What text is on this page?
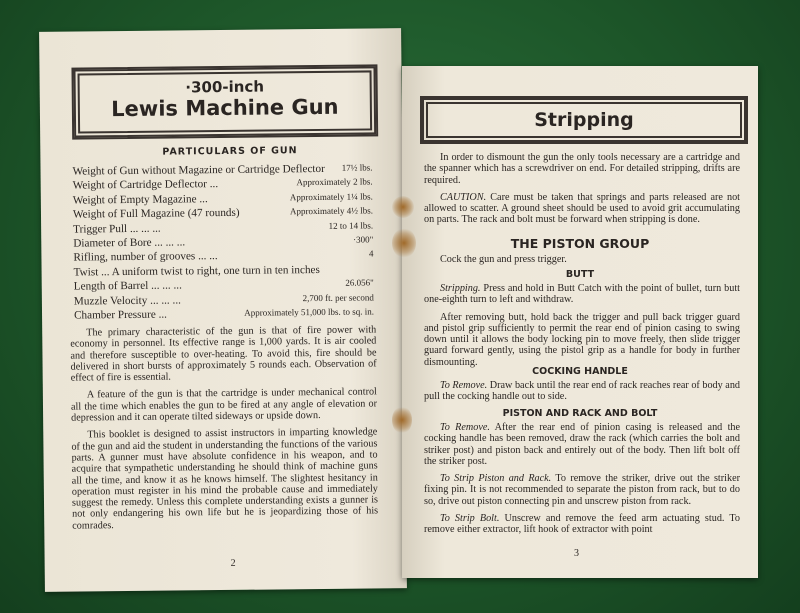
·300-inch
Lewis Machine Gun
PARTICULARS OF GUN
Weight of Gun without Magazine or Cartridge Deflector 17½ lbs.
Weight of Cartridge Deflector ...	Approximately 2 lbs.
Weight of Empty Magazine ...	Approximately 1¼ lbs.
Weight of Full Magazine (47 rounds)	Approximately 4½ lbs.
Trigger Pull ... ... ...	12 to 14 lbs.
Diameter of Bore ... ... ...	·300"
Rifling, number of grooves ... ...	4
Twist ... A uniform twist to right, one turn in ten inches
Length of Barrel ... ... ...	26.056"
Muzzle Velocity ... ... ...	2,700 ft. per second
Chamber Pressure ...	Approximately 51,000 lbs. to sq. in.

The primary characteristic of the gun is that of fire power with economy in personnel. Its effective range is 1,000 yards. It is air cooled and therefore susceptible to over-heating. To avoid this, fire should be delivered in short bursts of approximately 5 rounds each. Observation of effect of fire is essential.

A feature of the gun is that the cartridge is under mechanical control all the time which enables the gun to be fired at any angle of elevation or depression and it can operate tilted sideways or upside down.

This booklet is designed to assist instructors in imparting knowledge of the gun and aid the student in understanding the functions of the various parts. A gunner must have absolute confidence in his weapon, and to acquire that sympathetic understanding he should think of machine guns all the time, and know it as he knows himself. The slightest hesitancy in operation must register in his mind the probable cause and immediately suggest the remedy. Unless this complete understanding exists a gunner is not only endangering his own life but he is jeopardizing those of his comrades.

2
Stripping

In order to dismount the gun the only tools necessary are a cartridge and the spanner which has a screwdriver on end. For detailed stripping, drifts are required.

CAUTION. Care must be taken that springs and parts released are not allowed to scatter. A ground sheet should be used to avoid grit accumulating on parts. The rack and bolt must be forward when stripping is done.

THE PISTON GROUP
Cock the gun and press trigger.
BUTT

Stripping. Press and hold in Butt Catch with the point of bullet, turn butt one-eighth turn to left and withdraw.

After removing butt, hold back the trigger and pull back trigger guard and pistol grip sufficiently to permit the rear end of pinion casing to swing down until it allows the body locking pin to move freely, then slide trigger guard forward gently, using the pistol grip as a handle for body in further dismounting.

COCKING HANDLE

To Remove. Draw back until the rear end of rack reaches rear of body and pull the cocking handle out to side.

PISTON AND RACK AND BOLT

To Remove. After the rear end of pinion casing is released and the cocking handle has been removed, draw the rack (which carries the bolt and striker post) and piston back and entirely out of the body. Then lift bolt off the striker post.

To Strip Piston and Rack. To remove the striker, drive out the striker fixing pin. It is not recommended to separate the piston from rack, but to do so, drive out piston connecting pin and unscrew piston from rack.

To Strip Bolt. Unscrew and remove the feed arm actuating stud. To remove either extractor, lift hook of extractor with point

3
